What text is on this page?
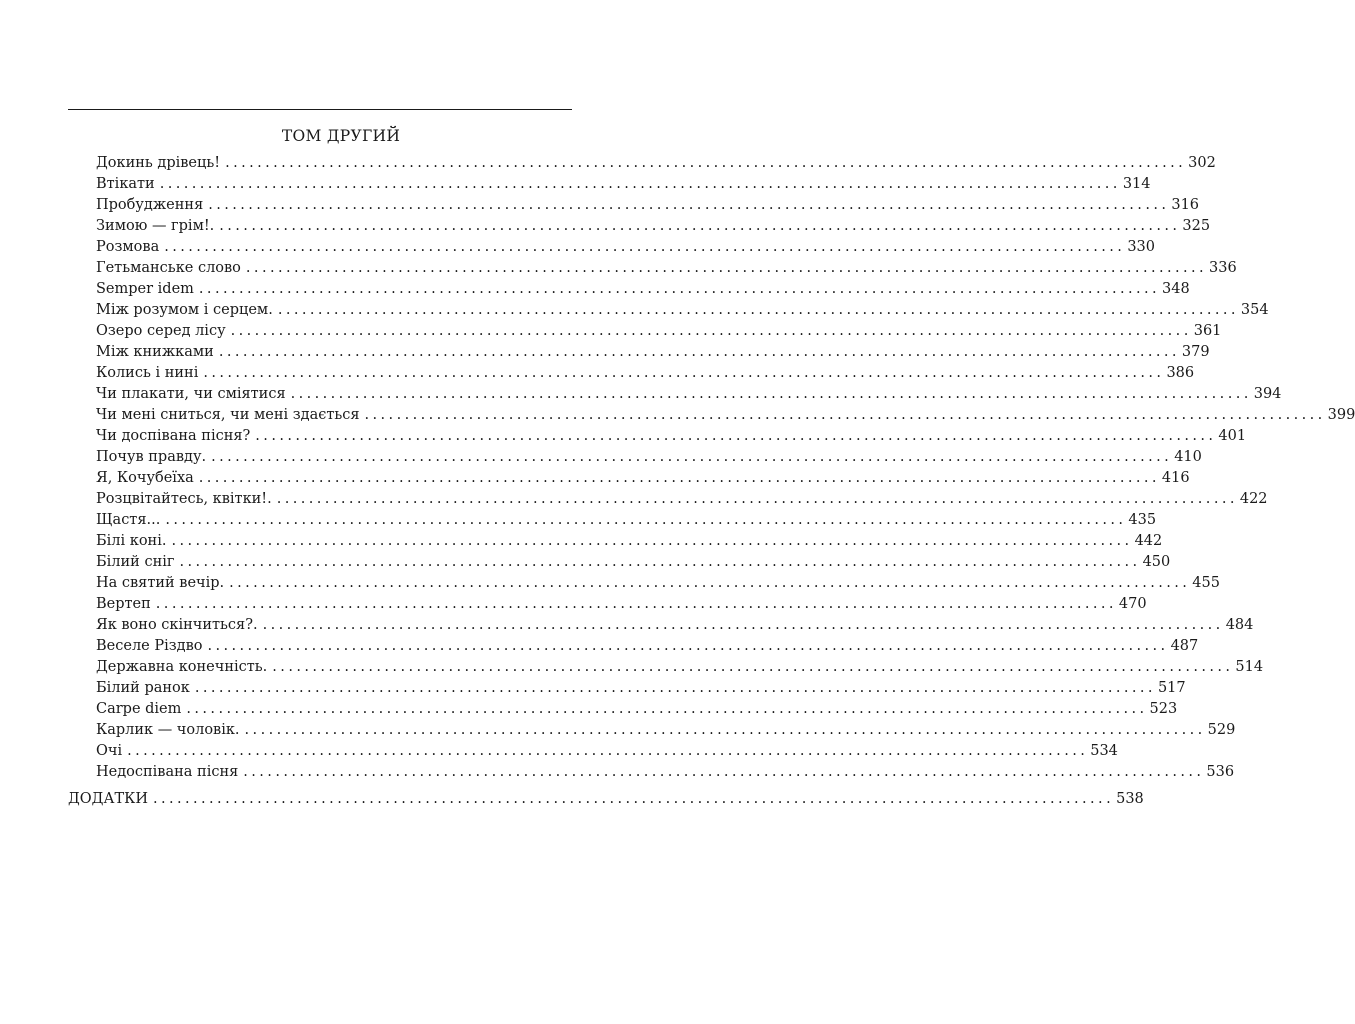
ТОМ ДРУГИЙ
Докинь дрівець! ........................................................................................................................ 302
Втікати ........................................................................................................................ 314
Пробудження ........................................................................................................................ 316
Зимою — грім!. ........................................................................................................................ 325
Розмова ........................................................................................................................ 330
Гетьманське слово ........................................................................................................................ 336
Semper idem ........................................................................................................................ 348
Між розумом і серцем. ........................................................................................................................ 354
Озеро серед лісу ........................................................................................................................ 361
Між книжками ........................................................................................................................ 379
Колись і нині ........................................................................................................................ 386
Чи плакати, чи сміятися ........................................................................................................................ 394
Чи мені сниться, чи мені здається ........................................................................................................................ 399
Чи доспівана пісня? ........................................................................................................................ 401
Почув правду. ........................................................................................................................ 410
Я, Кочубеїха ........................................................................................................................ 416
Розцвітайтесь, квітки!. ........................................................................................................................ 422
Щастя... ........................................................................................................................ 435
Білі коні. ........................................................................................................................ 442
Білий сніг ........................................................................................................................ 450
На святий вечір. ........................................................................................................................ 455
Вертеп ........................................................................................................................ 470
Як воно скінчиться?. ........................................................................................................................ 484
Веселе Різдво ........................................................................................................................ 487
Державна конечність. ........................................................................................................................ 514
Білий ранок ........................................................................................................................ 517
Carpe diem ........................................................................................................................ 523
Карлик — чоловік. ........................................................................................................................ 529
Очі ........................................................................................................................ 534
Недоспівана пісня ........................................................................................................................ 536
ДОДАТКИ ........................................................................................................................ 538
